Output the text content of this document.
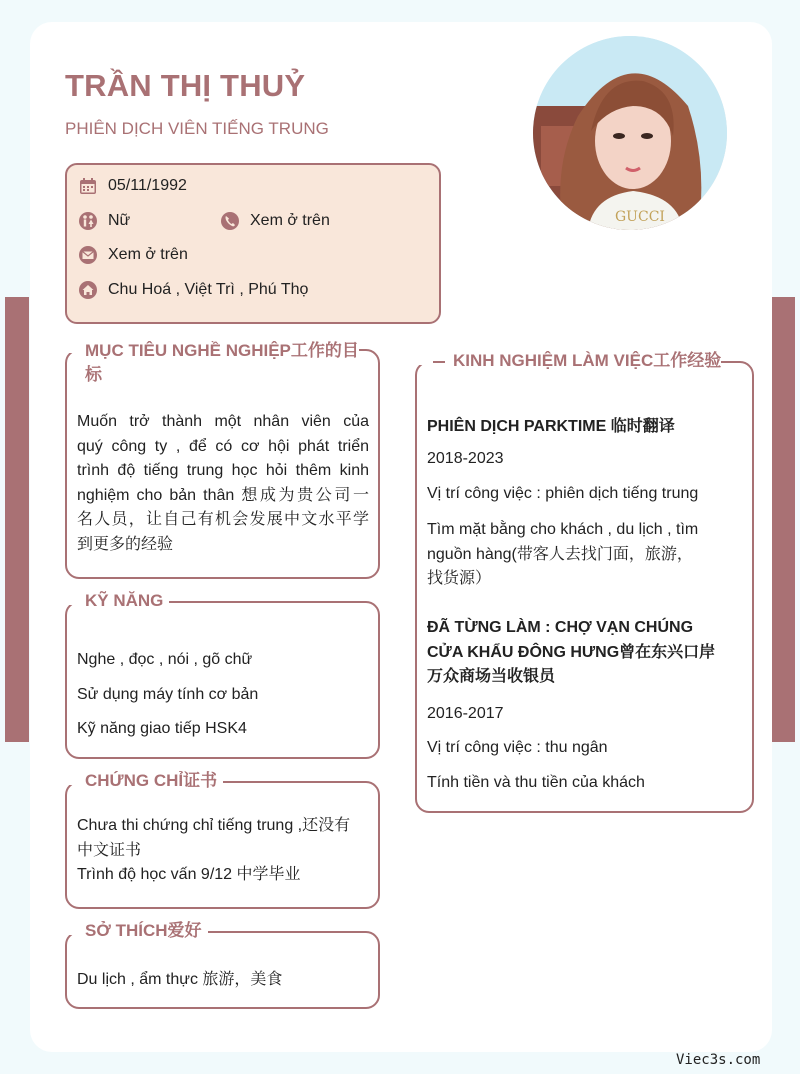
TRẦN THỊ THUỶ
PHIÊN DỊCH VIÊN TIẾNG TRUNG
GUCCI
05/11/1992
Nữ	Xem ở trên
Xem ở trên
Chu Hoá , Việt Trì , Phú Thọ
MỤC TIÊU NGHỀ NGHIỆP工作的目
标
Muốn trở thành một nhân viên của
quý công ty , để có cơ hội phát triển
trình độ tiếng trung học hỏi thêm kinh
nghiệm cho bản thân 想成为贵公司一
名人员，让自己有机会发展中文水平学
到更多的经验
KỸ NĂNG
Nghe , đọc , nói , gõ chữ
Sử dụng máy tính cơ bản
Kỹ năng giao tiếp HSK4
CHỨNG CHỈ证书
Chưa thi chứng chỉ tiếng trung ,还没有
中文证书
Trình độ học vấn 9/12 中学毕业
SỞ THÍCH爱好
Du lịch , ẩm thực 旅游，美食
KINH NGHIỆM LÀM VIỆC工作经验
PHIÊN DỊCH PARKTIME 临时翻译
2018-2023
Vị trí công việc : phiên dịch tiếng trung
Tìm mặt bằng cho khách , du lịch , tìm
nguồn hàng(带客人去找门面，旅游，
找货源）
ĐÃ TỪNG LÀM : CHỢ VẠN CHÚNG
CỬA KHẨU ĐÔNG HƯNG曾在东兴口岸
万众商场当收银员
2016-2017
Vị trí công việc : thu ngân
Tính tiền và thu tiền của khách
Viec3s.com
